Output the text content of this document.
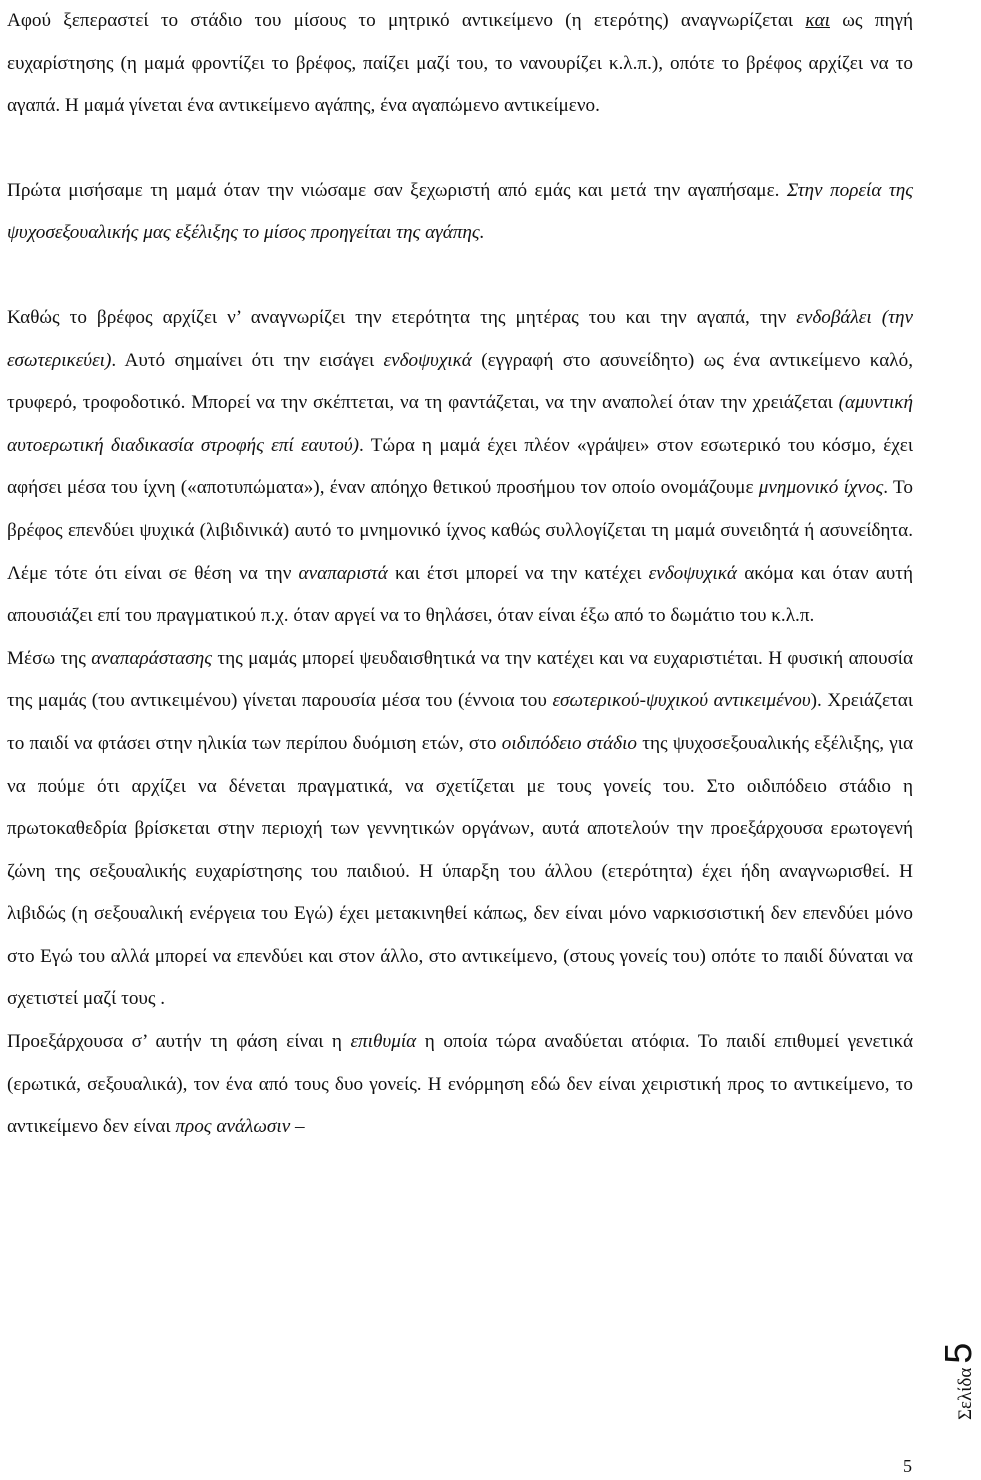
Αφού ξεπεραστεί το στάδιο του μίσους το μητρικό αντικείμενο (η ετερότης) αναγνωρίζεται και ως πηγή ευχαρίστησης (η μαμά φροντίζει το βρέφος, παίζει μαζί του, το νανουρίζει κ.λ.π.), οπότε το βρέφος αρχίζει να το αγαπά. Η μαμά γίνεται ένα αντικείμενο αγάπης, ένα αγαπώμενο αντικείμενο.

Πρώτα μισήσαμε τη μαμά όταν την νιώσαμε σαν ξεχωριστή από εμάς και μετά την αγαπήσαμε. Στην πορεία της ψυχοσεξουαλικής μας εξέλιξης το μίσος προηγείται της αγάπης.

Καθώς το βρέφος αρχίζει ν’ αναγνωρίζει την ετερότητα της μητέρας του και την αγαπά, την ενδοβάλει (την εσωτερικεύει). Αυτό σημαίνει ότι την εισάγει ενδοψυχικά (εγγραφή στο ασυνείδητο) ως ένα αντικείμενο καλό, τρυφερό, τροφοδοτικό. Μπορεί να την σκέπτεται, να τη φαντάζεται, να την αναπολεί όταν την χρειάζεται (αμυντική αυτοερωτική διαδικασία στροφής επί εαυτού). Τώρα η μαμά έχει πλέον «γράψει» στον εσωτερικό του κόσμο, έχει αφήσει μέσα του ίχνη («αποτυπώματα»), έναν απόηχο θετικού προσήμου τον οποίο ονομάζουμε μνημονικό ίχνος. Το βρέφος επενδύει ψυχικά (λιβιδινικά) αυτό το μνημονικό ίχνος καθώς συλλογίζεται τη μαμά συνειδητά ή ασυνείδητα. Λέμε τότε ότι είναι σε θέση να την αναπαριστά και έτσι μπορεί να την κατέχει ενδοψυχικά ακόμα και όταν αυτή απουσιάζει επί του πραγματικού π.χ. όταν αργεί να το θηλάσει, όταν είναι έξω από το δωμάτιο του κ.λ.π.

Μέσω της αναπαράστασης της μαμάς μπορεί ψευδαισθητικά να την κατέχει και να ευχαριστιέται. Η φυσική απουσία της μαμάς (του αντικειμένου) γίνεται παρουσία μέσα του (έννοια του εσωτερικού-ψυχικού αντικειμένου). Χρειάζεται το παιδί να φτάσει στην ηλικία των περίπου δυόμιση ετών, στο οιδιπόδειο στάδιο της ψυχοσεξουαλικής εξέλιξης, για να πούμε ότι αρχίζει να δένεται πραγματικά, να σχετίζεται με τους γονείς του. Στο οιδιπόδειο στάδιο η πρωτοκαθεδρία βρίσκεται στην περιοχή των γεννητικών οργάνων, αυτά αποτελούν την προεξάρχουσα ερωτογενή ζώνη της σεξουαλικής ευχαρίστησης του παιδιού. Η ύπαρξη του άλλου (ετερότητα) έχει ήδη αναγνωρισθεί. Η λιβιδώς (η σεξουαλική ενέργεια του Εγώ) έχει μετακινηθεί κάπως, δεν είναι μόνο ναρκισσιστική δεν επενδύει μόνο στο Εγώ του αλλά μπορεί να επενδύει και στον άλλο, στο αντικείμενο, (στους γονείς του) οπότε το παιδί δύναται να σχετιστεί μαζί τους .

Προεξάρχουσα σ’ αυτήν τη φάση είναι η επιθυμία η οποία τώρα αναδύεται ατόφια. Το παιδί επιθυμεί γενετικά (ερωτικά, σεξουαλικά), τον ένα από τους δυο γονείς. Η ενόρμηση εδώ δεν είναι χειριστική προς το αντικείμενο, το αντικείμενο δεν είναι προς ανάλωσιν –

Σελίδα
5
5
